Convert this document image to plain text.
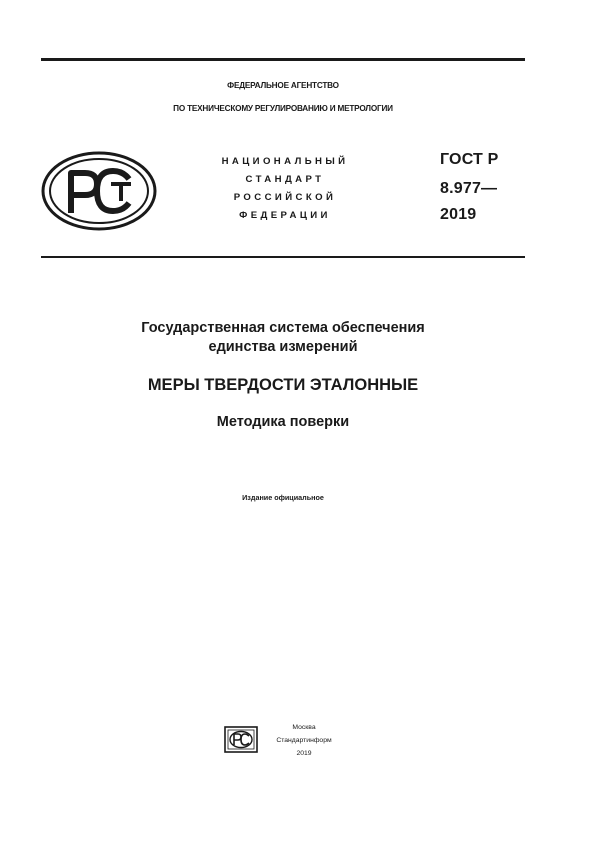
ФЕДЕРАЛЬНОЕ АГЕНТСТВО
ПО ТЕХНИЧЕСКОМУ РЕГУЛИРОВАНИЮ И МЕТРОЛОГИИ
НАЦИОНАЛЬНЫЙ
СТАНДАРТ
РОССИЙСКОЙ
ФЕДЕРАЦИИ
ГОСТ Р
8.977—
2019
Государственная система обеспечения
единства измерений
МЕРЫ ТВЕРДОСТИ ЭТАЛОННЫЕ
Методика поверки
Издание официальное
Москва
Стандартинформ
2019
